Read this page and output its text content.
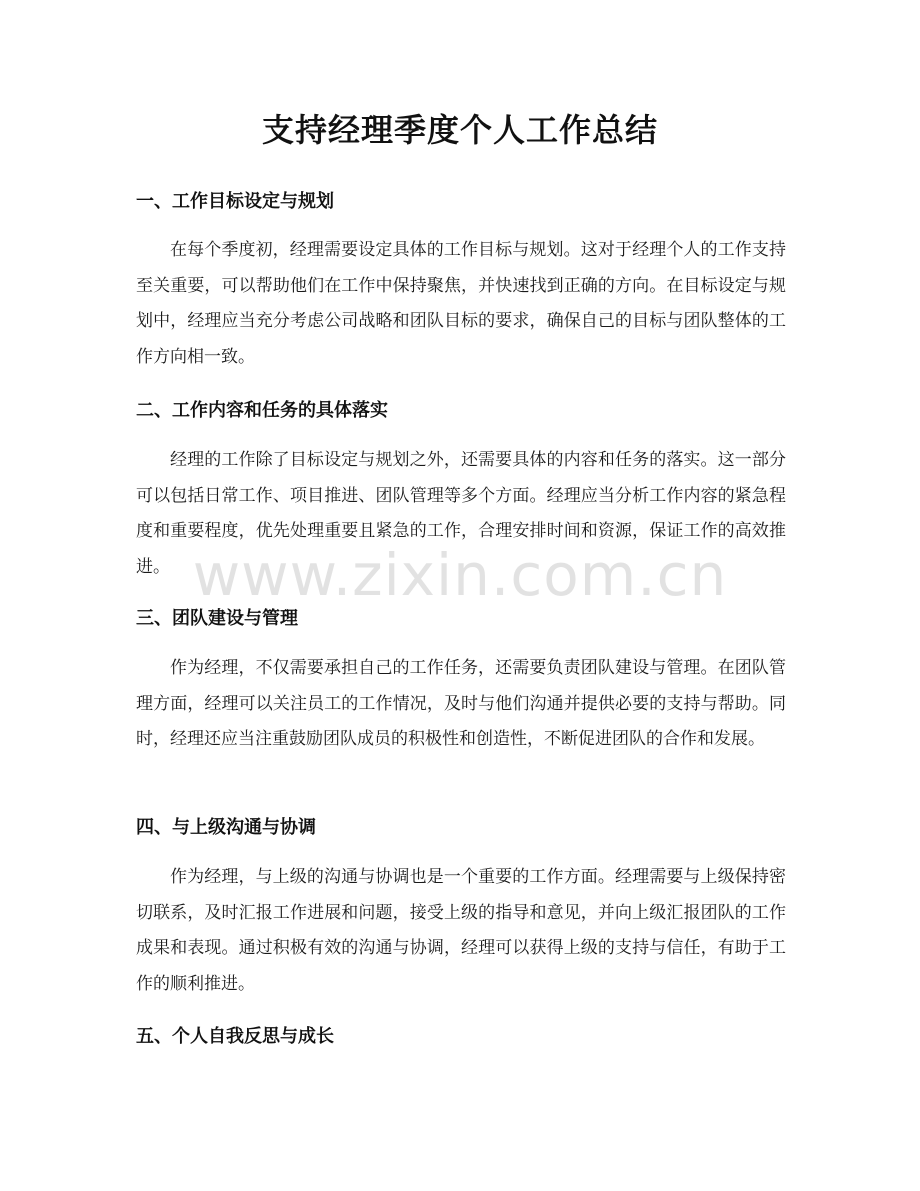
支持经理季度个人工作总结
一、工作目标设定与规划
在每个季度初，经理需要设定具体的工作目标与规划。这对于经理个人的工作支持至关重要，可以帮助他们在工作中保持聚焦，并快速找到正确的方向。在目标设定与规划中，经理应当充分考虑公司战略和团队目标的要求，确保自己的目标与团队整体的工作方向相一致。
二、工作内容和任务的具体落实
经理的工作除了目标设定与规划之外，还需要具体的内容和任务的落实。这一部分可以包括日常工作、项目推进、团队管理等多个方面。经理应当分析工作内容的紧急程度和重要程度，优先处理重要且紧急的工作，合理安排时间和资源，保证工作的高效推进。
三、团队建设与管理
作为经理，不仅需要承担自己的工作任务，还需要负责团队建设与管理。在团队管理方面，经理可以关注员工的工作情况，及时与他们沟通并提供必要的支持与帮助。同时，经理还应当注重鼓励团队成员的积极性和创造性，不断促进团队的合作和发展。
四、与上级沟通与协调
作为经理，与上级的沟通与协调也是一个重要的工作方面。经理需要与上级保持密切联系，及时汇报工作进展和问题，接受上级的指导和意见，并向上级汇报团队的工作成果和表现。通过积极有效的沟通与协调，经理可以获得上级的支持与信任，有助于工作的顺利推进。
五、个人自我反思与成长
www.zixin.com.cn
